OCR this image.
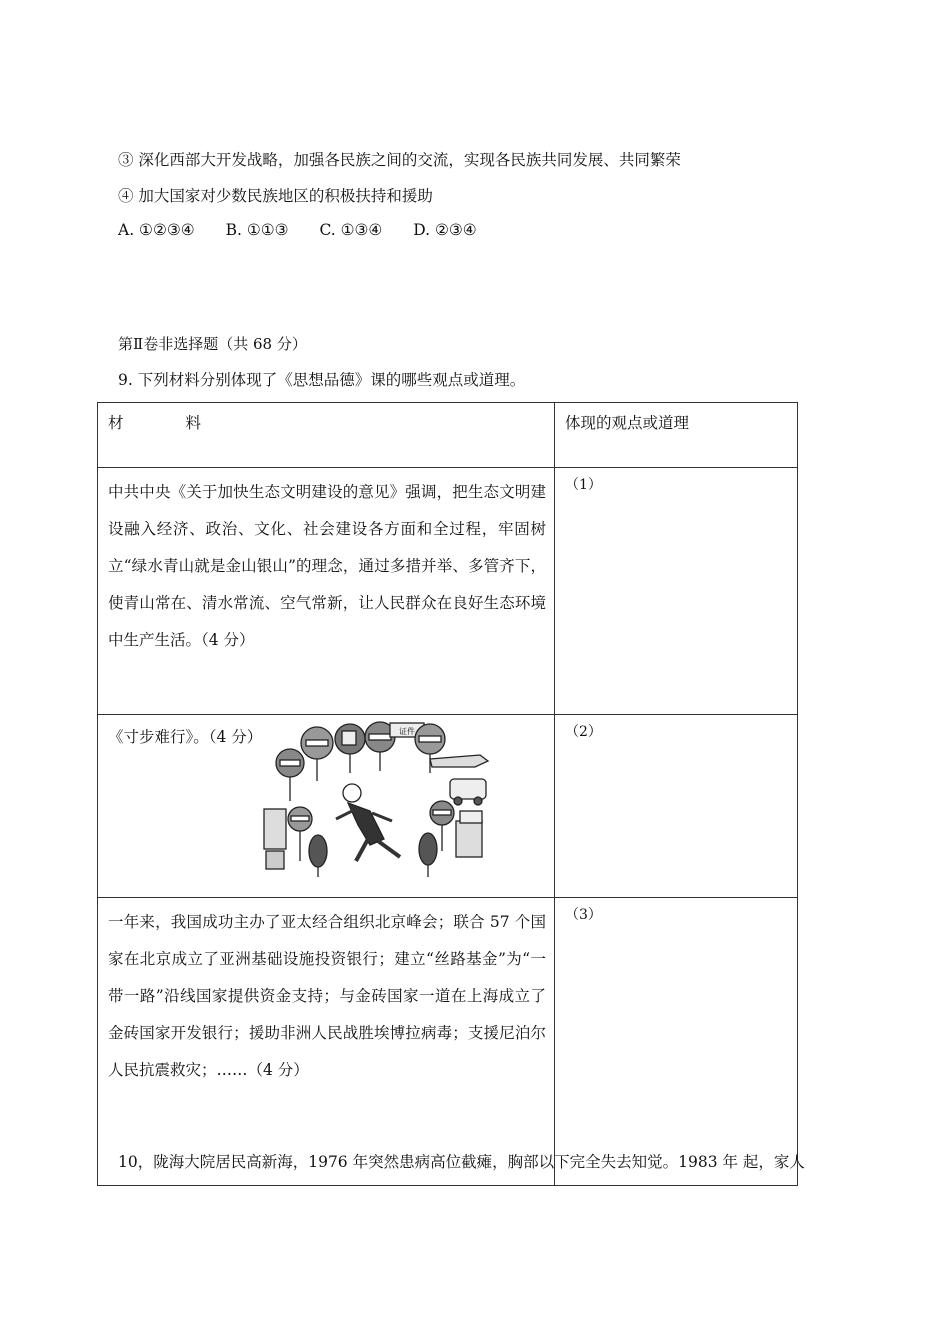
③ 深化西部大开发战略，加强各民族之间的交流，实现各民族共同发展、共同繁荣
④ 加大国家对少数民族地区的积极扶持和援助
A. ①②③④ B. ①①③ C. ①③④ D. ②③④
第Ⅱ卷非选择题（共 68 分）
9. 下列材料分别体现了《思想品德》课的哪些观点或道理。
材　　　　料	体现的观点或道理
中共中央《关于加快生态文明建设的意见》强调，把生态文明建设融入经济、政治、文化、社会建设各方面和全过程，牢固树立“绿水青山就是金山银山”的理念，通过多措并举、多管齐下，使青山常在、清水常流、空气常新，让人民群众在良好生态环境中生产生活。（4 分）	（1）

《寸步难行》。（4 分） 证件	（2）
一年来，我国成功主办了亚太经合组织北京峰会；联合 57 个国家在北京成立了亚洲基础设施投资银行；建立“丝路基金”为“一带一路”沿线国家提供资金支持；与金砖国家一道在上海成立了金砖国家开发银行；援助非洲人民战胜埃博拉病毒；支援尼泊尔人民抗震救灾；……（4 分）	（3）
10，陇海大院居民高新海，1976 年突然患病高位截瘫，胸部以下完全失去知觉。1983 年 起，家人
